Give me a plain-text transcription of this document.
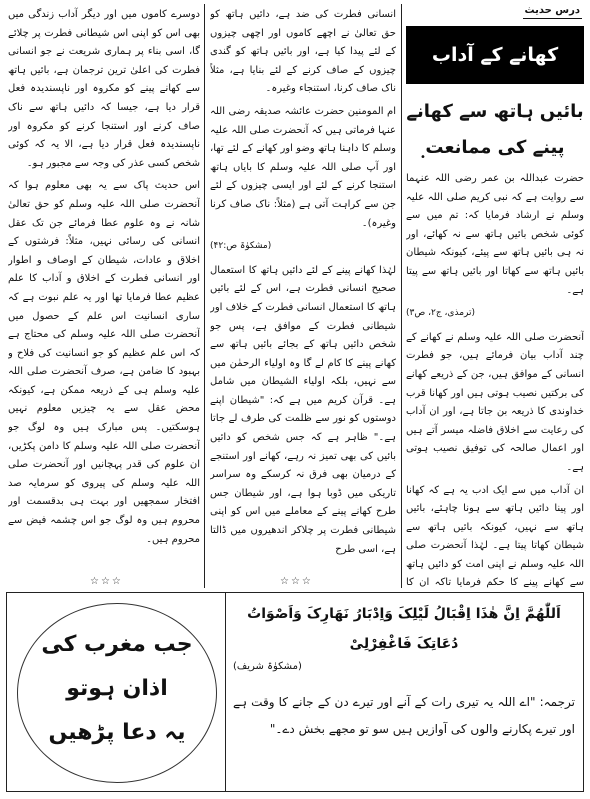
درس حدیث
کھانے کے آداب
بائیں ہاتھ سے کھانے پینے کی ممانعت
•

حضرت عبداللہ بن عمر رضی اللہ عنہما سے روایت ہے کہ نبی کریم صلی اللہ علیہ وسلم نے ارشاد فرمایا کہ: تم میں سے کوئی شخص بائیں ہاتھ سے نہ کھائے، اور نہ ہی بائیں ہاتھ سے پیئے، کیونکہ شیطان بائیں ہاتھ سے کھاتا اور بائیں ہاتھ سے پیتا ہے۔

(ترمذی، ج۲، ص۳)

آنحضرت صلی اللہ علیہ وسلم نے کھانے کے چند آداب بیان فرمائے ہیں، جو فطرت انسانی کے موافق ہیں، جن کے ذریعے کھانے کی برکتیں نصیب ہوتی ہیں اور کھانا قرب خداوندی کا ذریعہ بن جاتا ہے، اور ان آداب کی رعایت سے اخلاق فاضلہ میسر آتے ہیں اور اعمال صالحہ کی توفیق نصیب ہوتی ہے۔

ان آداب میں سے ایک ادب یہ ہے کہ کھانا اور پینا دائیں ہاتھ سے ہونا چاہئے، بائیں ہاتھ سے نہیں، کیونکہ بائیں ہاتھ سے شیطان کھاتا پیتا ہے۔ لہٰذا آنحضرت صلی اللہ علیہ وسلم نے اپنی امت کو دائیں ہاتھ سے کھانے پینے کا حکم فرمایا تاکہ ان کا

انسانی فطرت کی ضد ہے، دائیں ہاتھ کو حق تعالیٰ نے اچھے کاموں اور اچھی چیزوں کے لئے پیدا کیا ہے، اور بائیں ہاتھ کو گندی چیزوں کے صاف کرنے کے لئے بنایا ہے، مثلاً ناک صاف کرنا، استنجاء وغیرہ۔

ام المومنین حضرت عائشہ صدیقہ رضی اللہ عنہا فرماتی ہیں کہ آنحضرت صلی اللہ علیہ وسلم کا داہنا ہاتھ وضو اور کھانے کے لئے تھا، اور آپ صلی اللہ علیہ وسلم کا بایاں ہاتھ استنجا کرنے کے لئے اور ایسی چیزوں کے لئے جن سے کراہت آتی ہے (مثلاً: ناک صاف کرنا وغیرہ)۔

(مشکوٰۃ ص:۴۲)

لہٰذا کھانے پینے کے لئے دائیں ہاتھ کا استعمال صحیح انسانی فطرت ہے، اس کے لئے بائیں ہاتھ کا استعمال انسانی فطرت کے خلاف اور شیطانی فطرت کے موافق ہے، پس جو شخص دائیں ہاتھ کے بجائے بائیں ہاتھ سے کھانے پینے کا کام لے گا وہ اولیاء الرحمٰن میں سے نہیں، بلکہ اولیاء الشیطان میں شامل ہے۔ قرآن کریم میں ہے کہ: "شیطان اپنے دوستوں کو نور سے ظلمت کی طرف لے جاتا ہے۔" ظاہر ہے کہ جس شخص کو دائیں بائیں کی بھی تمیز نہ رہے، کھانے اور استنجے کے درمیان بھی فرق نہ کرسکے وہ سراسر تاریکی میں ڈوبا ہوا ہے، اور شیطان جس طرح کھانے پینے کے معاملے میں اس کو اپنی شیطانی فطرت پر چلاکر اندھیروں میں ڈالتا ہے، اسی طرح

دوسرے کاموں میں اور دیگر آداب زندگی میں بھی اس کو اپنی اس شیطانی فطرت پر چلائے گا، اسی بناء پر ہماری شریعت نے جو انسانی فطرت کی اعلیٰ ترین ترجمان ہے، بائیں ہاتھ سے کھانے پینے کو مکروہ اور ناپسندیدہ فعل قرار دیا ہے، جیسا کہ دائیں ہاتھ سے ناک صاف کرنے اور استنجا کرنے کو مکروہ اور ناپسندیدہ فعل قرار دیا ہے، الا یہ کہ کوئی شخص کسی عذر کی وجہ سے مجبور ہو۔

اس حدیث پاک سے یہ بھی معلوم ہوا کہ آنحضرت صلی اللہ علیہ وسلم کو حق تعالیٰ شانہ نے وہ علوم عطا فرمائے جن تک عقل انسانی کی رسائی نہیں، مثلاً: فرشتوں کے اخلاق و عادات، شیطان کے اوصاف و اطوار اور انسانی فطرت کے اخلاق و آداب کا علم عظیم عطا فرمایا تھا اور یہ علم نبوت ہے کہ ساری انسانیت اس علم کے حصول میں آنحضرت صلی اللہ علیہ وسلم کی محتاج ہے کہ اس علم عظیم کو جو انسانیت کی فلاح و بہبود کا ضامن ہے، صرف آنحضرت صلی اللہ علیہ وسلم ہی کے ذریعہ ممکن ہے، کیونکہ محض عقل سے یہ چیزیں معلوم نہیں ہوسکتیں۔ پس مبارک ہیں وہ لوگ جو آنحضرت صلی اللہ علیہ وسلم کا دامن پکڑیں، ان علوم کی قدر پہچانیں اور آنحضرت صلی اللہ علیہ وسلم کی پیروی کو سرمایہ صد افتخار سمجھیں اور بہت ہی بدقسمت اور محروم ہیں وہ لوگ جو اس چشمہ فیض سے محروم ہیں۔

☆☆☆	☆☆☆
اَللّٰھُمَّ اِنَّ ھٰذَا اِقْبَالُ لَیْلِکَ وَاِدْبَارُ نَھَارِکَ وَاَصْوَاتُ دُعَاتِکَ فَاغْفِرْلِیْ
(مشکوٰۃ شریف)
ترجمہ: "اے اللہ یہ تیری رات کے آنے اور تیرے دن کے جانے کا وقت ہے اور تیرے پکارنے والوں کی آوازیں ہیں سو تو مجھے بخش دے۔"
جب مغرب کی
اذان ہوتو
یہ دعا پڑھیں
